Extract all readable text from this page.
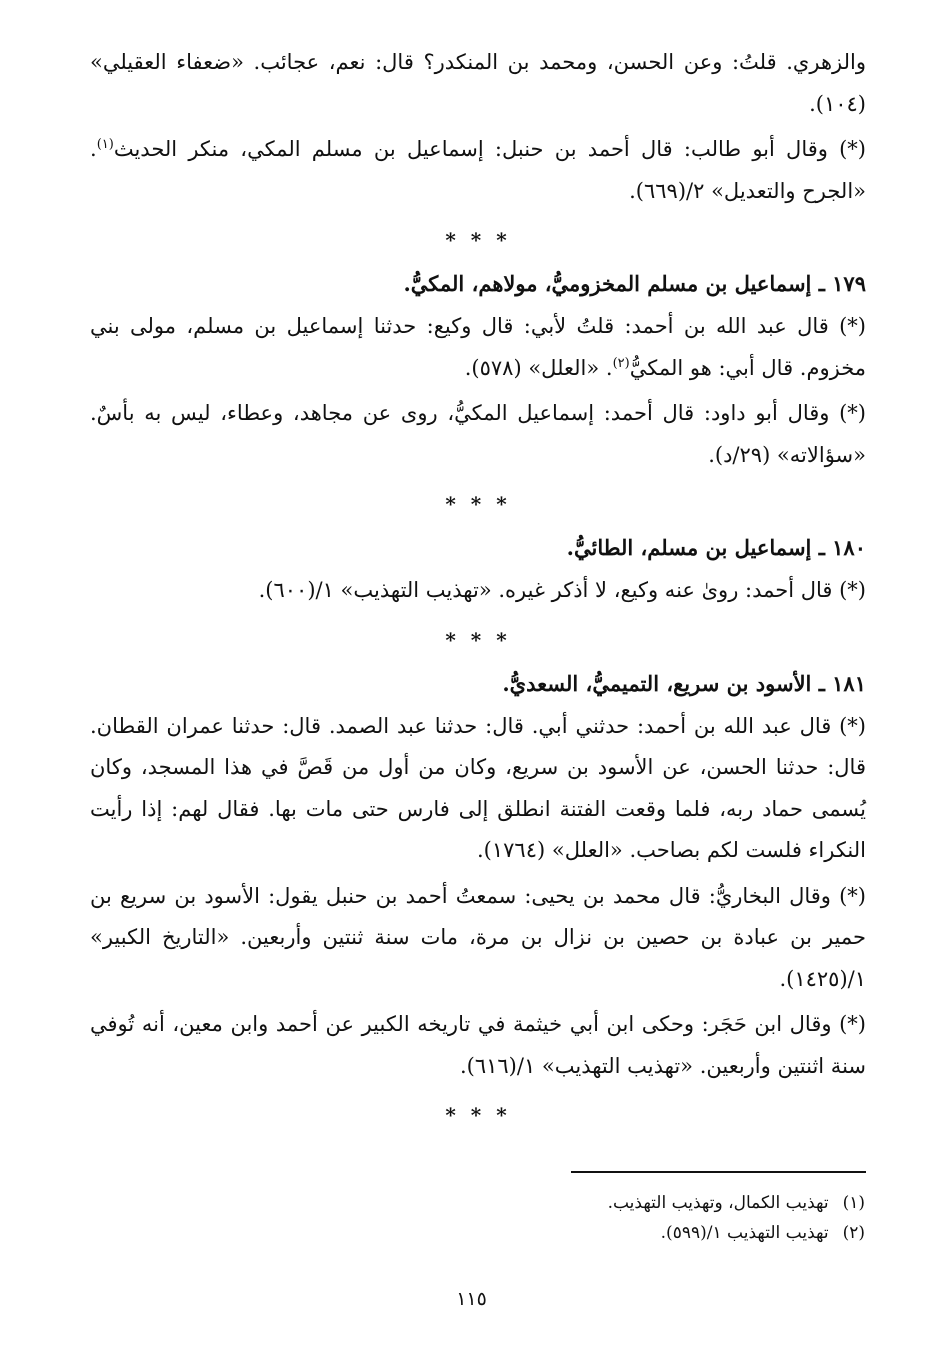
والزهري. قلتُ: وعن الحسن، ومحمد بن المنكدر؟ قال: نعم، عجائب. «ضعفاء العقيلي» (١٠٤).

(*) وقال أبو طالب: قال أحمد بن حنبل: إسماعيل بن مسلم المكي، منكر الحديث$^{(١)}$. «الجرح والتعديل» ٢/(٦٦٩).

* * *
١٧٩ ـ إسماعيل بن مسلم المخزوميُّ، مولاهم، المكيُّ.

(*) قال عبد الله بن أحمد: قلتُ لأبي: قال وكيع: حدثنا إسماعيل بن مسلم، مولى بني مخزوم. قال أبي: هو المكيُّ$^{(٢)}$. «العلل» (٥٧٨).

(*) وقال أبو داود: قال أحمد: إسماعيل المكيُّ، روى عن مجاهد، وعطاء، ليس به بأسٌ. «سؤالاته» (٢٩/د).

* * *
١٨٠ ـ إسماعيل بن مسلم، الطائيُّ.

(*) قال أحمد: روىٰ عنه وكيع، لا أذكر غيره. «تهذيب التهذيب» ١/(٦٠٠).

* * *
١٨١ ـ الأسود بن سريع، التميميُّ، السعديُّ.

(*) قال عبد الله بن أحمد: حدثني أبي. قال: حدثنا عبد الصمد. قال: حدثنا عمران القطان. قال: حدثنا الحسن، عن الأسود بن سريع، وكان من أول من قَصَّ في هذا المسجد، وكان يُسمى حماد ربه، فلما وقعت الفتنة انطلق إلى فارس حتى مات بها. فقال لهم: إذا رأيت النكراء فلست لكم بصاحب. «العلل» (١٧٦٤).

(*) وقال البخاريُّ: قال محمد بن يحيى: سمعتُ أحمد بن حنبل يقول: الأسود بن سريع بن حمير بن عبادة بن حصين بن نزال بن مرة، مات سنة ثنتين وأربعين. «التاريخ الكبير» ١/(١٤٢٥).

(*) وقال ابن حَجَر: وحكى ابن أبي خيثمة في تاريخه الكبير عن أحمد وابن معين، أنه تُوفي سنة اثنتين وأربعين. «تهذيب التهذيب» ١/(٦١٦).

* * *
(١)تهذيب الكمال، وتهذيب التهذيب.
(٢)تهذيب التهذيب ١/(٥٩٩).
١١٥
